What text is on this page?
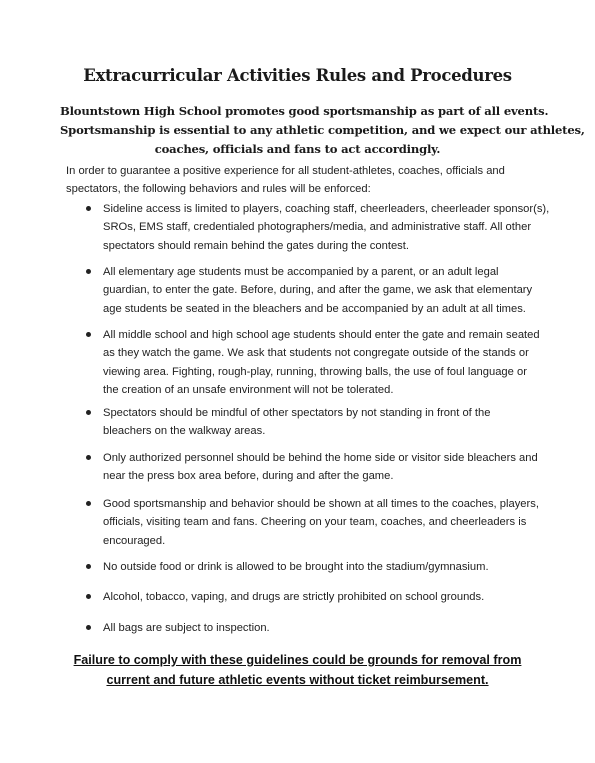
Extracurricular Activities Rules and Procedures
Blountstown High School promotes good sportsmanship as part of all events.
Sportsmanship is essential to any athletic competition, and we expect our athletes,
coaches, officials and fans to act accordingly.
In order to guarantee a positive experience for all student-athletes, coaches, officials and
spectators, the following behaviors and rules will be enforced:
Sideline access is limited to players, coaching staff, cheerleaders, cheerleader sponsor(s),
SROs, EMS staff, credentialed photographers/media, and administrative staff. All other
spectators should remain behind the gates during the contest.
All elementary age students must be accompanied by a parent, or an adult legal
guardian, to enter the gate. Before, during, and after the game, we ask that elementary
age students be seated in the bleachers and be accompanied by an adult at all times.
All middle school and high school age students should enter the gate and remain seated
as they watch the game. We ask that students not congregate outside of the stands or
viewing area. Fighting, rough-play, running, throwing balls, the use of foul language or
the creation of an unsafe environment will not be tolerated.
Spectators should be mindful of other spectators by not standing in front of the
bleachers on the walkway areas.
Only authorized personnel should be behind the home side or visitor side bleachers and
near the press box area before, during and after the game.
Good sportsmanship and behavior should be shown at all times to the coaches, players,
officials, visiting team and fans. Cheering on your team, coaches, and cheerleaders is
encouraged.
No outside food or drink is allowed to be brought into the stadium/gymnasium.
Alcohol, tobacco, vaping, and drugs are strictly prohibited on school grounds.
All bags are subject to inspection.
Failure to comply with these guidelines could be grounds for removal from
current and future athletic events without ticket reimbursement.
